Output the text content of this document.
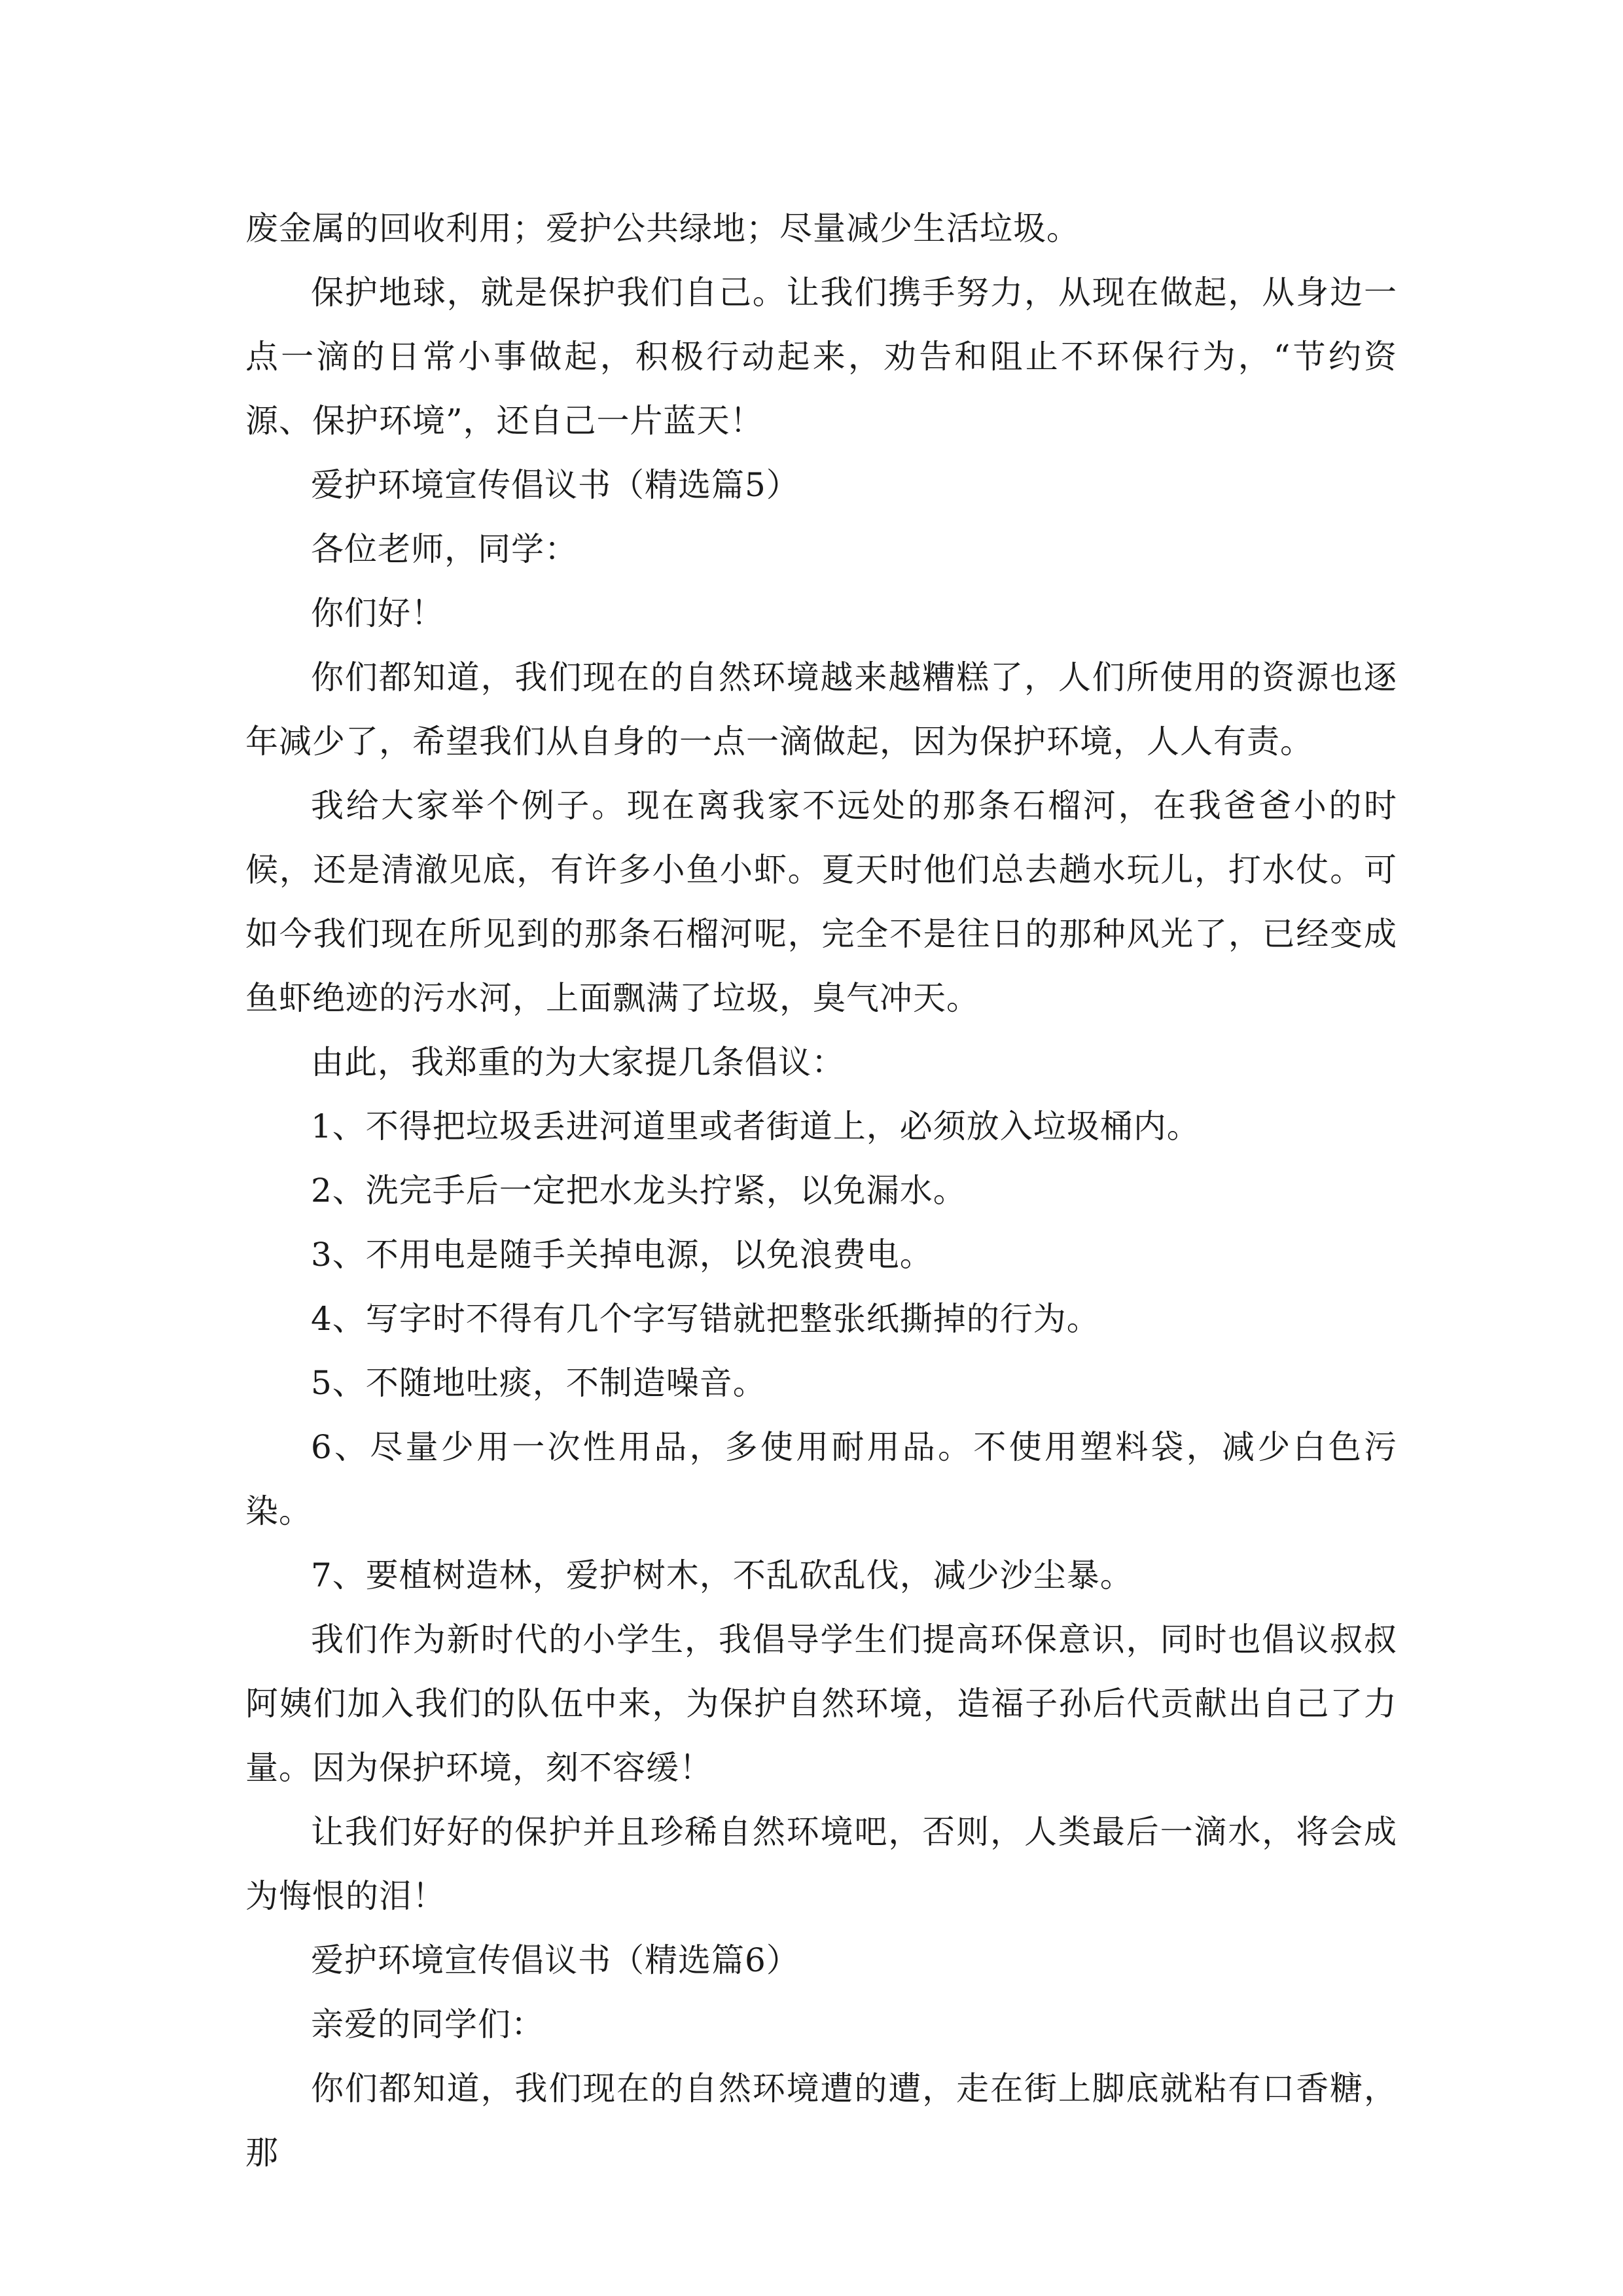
废金属的回收利用；爱护公共绿地；尽量减少生活垃圾。

保护地球，就是保护我们自己。让我们携手努力，从现在做起，从身边一点一滴的日常小事做起，积极行动起来，劝告和阻止不环保行为，“节约资源、保护环境”，还自己一片蓝天！

爱护环境宣传倡议书（精选篇5）

各位老师，同学：

你们好！

你们都知道，我们现在的自然环境越来越糟糕了，人们所使用的资源也逐年减少了，希望我们从自身的一点一滴做起，因为保护环境，人人有责。

我给大家举个例子。现在离我家不远处的那条石榴河，在我爸爸小的时候，还是清澈见底，有许多小鱼小虾。夏天时他们总去趟水玩儿，打水仗。可如今我们现在所见到的那条石榴河呢，完全不是往日的那种风光了，已经变成鱼虾绝迹的污水河，上面飘满了垃圾，臭气冲天。

由此，我郑重的为大家提几条倡议：

1、不得把垃圾丢进河道里或者街道上，必须放入垃圾桶内。

2、洗完手后一定把水龙头拧紧，以免漏水。

3、不用电是随手关掉电源，以免浪费电。

4、写字时不得有几个字写错就把整张纸撕掉的行为。

5、不随地吐痰，不制造噪音。

6、尽量少用一次性用品，多使用耐用品。不使用塑料袋，减少白色污染。

7、要植树造林，爱护树木，不乱砍乱伐，减少沙尘暴。

我们作为新时代的小学生，我倡导学生们提高环保意识，同时也倡议叔叔阿姨们加入我们的队伍中来，为保护自然环境，造福子孙后代贡献出自己了力量。因为保护环境，刻不容缓！

让我们好好的保护并且珍稀自然环境吧，否则，人类最后一滴水，将会成为悔恨的泪！

爱护环境宣传倡议书（精选篇6）

亲爱的同学们：

你们都知道，我们现在的自然环境遭的遭，走在街上脚底就粘有口香糖，那
